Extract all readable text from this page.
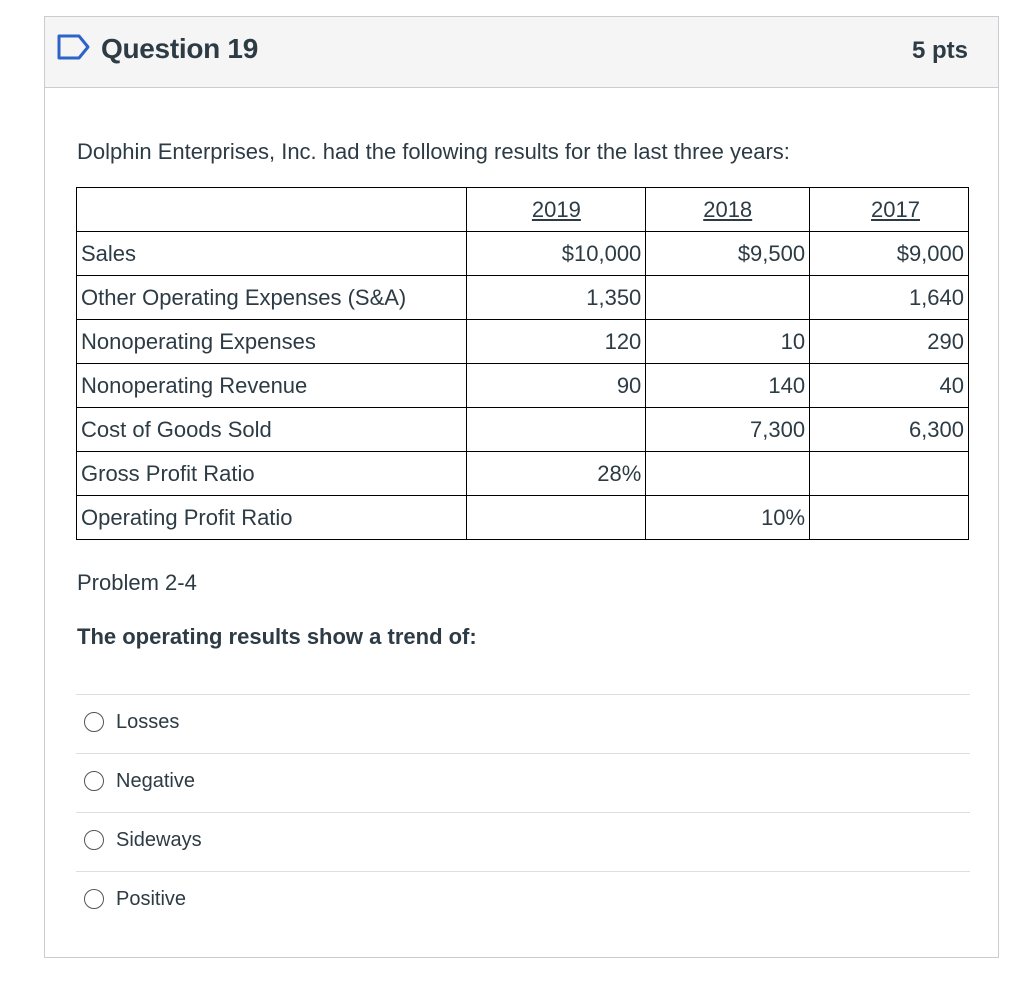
Question 19	5 pts
Dolphin Enterprises, Inc. had the following results for the last three years:
	2019	2018	2017
Sales	$10,000	$9,500	$9,000
Other Operating Expenses (S&A)	1,350		1,640
Nonoperating Expenses	120	10	290
Nonoperating Revenue	90	140	40
Cost of Goods Sold		7,300	6,300
Gross Profit Ratio	28%		
Operating Profit Ratio		10%	
Problem 2-4
The operating results show a trend of:
Losses
Negative
Sideways
Positive
